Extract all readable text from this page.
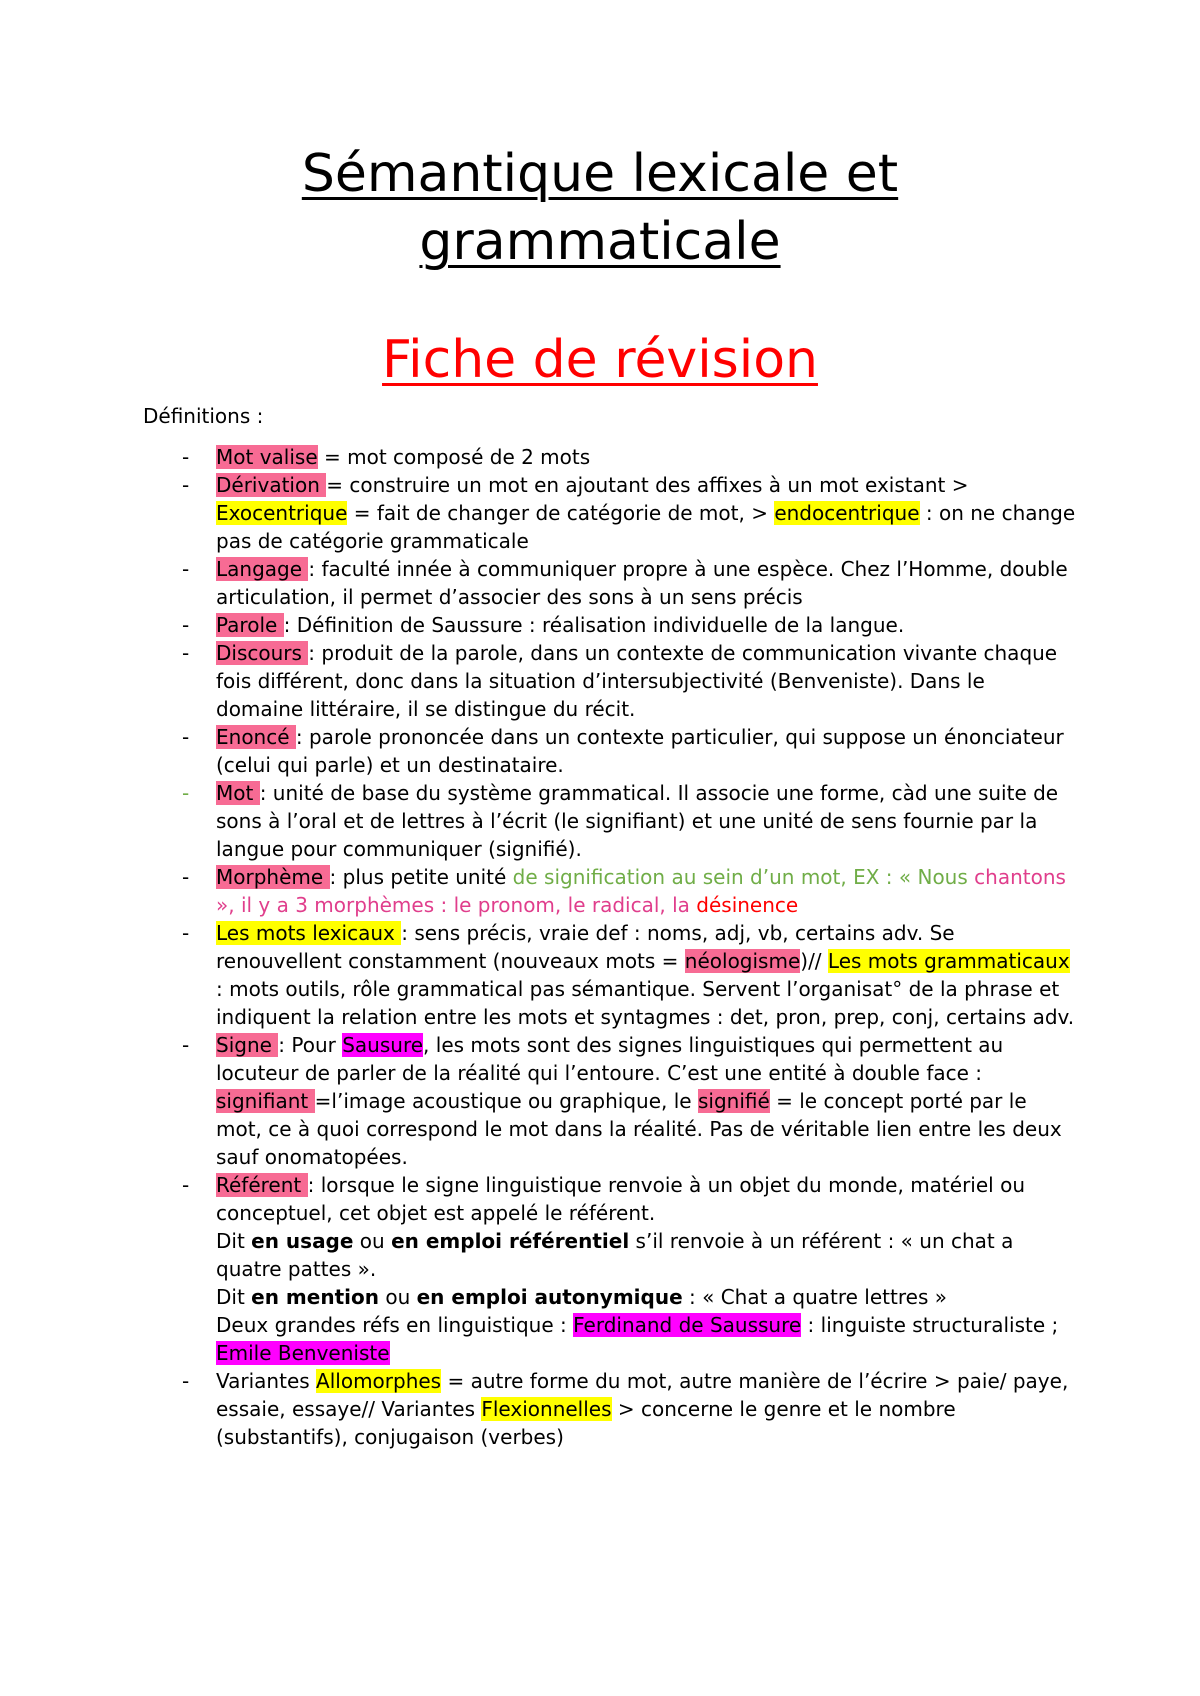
Sémantique lexicale et
grammaticale
Fiche de révision
Définitions :
- Mot valise = mot composé de 2 mots
- Dérivation = construire un mot en ajoutant des affixes à un mot existant > Exocentrique = fait de changer de catégorie de mot, > endocentrique : on ne change pas de catégorie grammaticale
- Langage : faculté innée à communiquer propre à une espèce. Chez l’Homme, double articulation, il permet d’associer des sons à un sens précis
- Parole : Définition de Saussure : réalisation individuelle de la langue.
- Discours : produit de la parole, dans un contexte de communication vivante chaque fois différent, donc dans la situation d’intersubjectivité (Benveniste). Dans le domaine littéraire, il se distingue du récit.
- Enoncé : parole prononcée dans un contexte particulier, qui suppose un énonciateur (celui qui parle) et un destinataire.
- Mot : unité de base du système grammatical. Il associe une forme, càd une suite de sons à l’oral et de lettres à l’écrit (le signifiant) et une unité de sens fournie par la langue pour communiquer (signifié).
- Morphème : plus petite unité de signification au sein d’un mot, EX : « Nous chantons », il y a 3 morphèmes : le pronom, le radical, la désinence
- Les mots lexicaux : sens précis, vraie def : noms, adj, vb, certains adv. Se renouvellent constamment (nouveaux mots = néologisme)// Les mots grammaticaux : mots outils, rôle grammatical pas sémantique. Servent l’organisat° de la phrase et indiquent la relation entre les mots et syntagmes : det, pron, prep, conj, certains adv.
- Signe : Pour Sausure, les mots sont des signes linguistiques qui permettent au locuteur de parler de la réalité qui l’entoure. C’est une entité à double face : signifiant =l’image acoustique ou graphique, le signifié = le concept porté par le mot, ce à quoi correspond le mot dans la réalité. Pas de véritable lien entre les deux sauf onomatopées.
- Référent : lorsque le signe linguistique renvoie à un objet du monde, matériel ou conceptuel, cet objet est appelé le référent.
Dit en usage ou en emploi référentiel s’il renvoie à un référent : « un chat a quatre pattes ».
Dit en mention ou en emploi autonymique : « Chat a quatre lettres »
Deux grandes réfs en linguistique : Ferdinand de Saussure : linguiste structuraliste ; Emile Benveniste
- Variantes Allomorphes = autre forme du mot, autre manière de l’écrire > paie/ paye, essaie, essaye// Variantes Flexionnelles > concerne le genre et le nombre (substantifs), conjugaison (verbes)
